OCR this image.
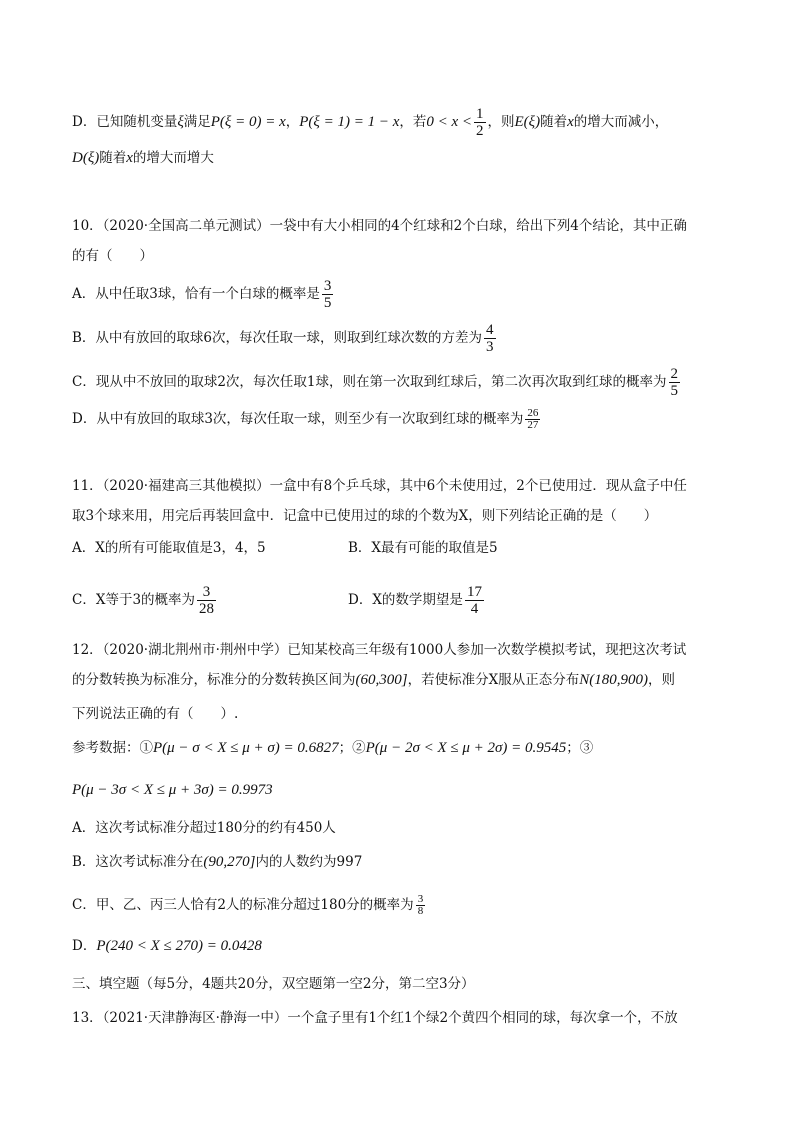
D．已知随机变量ξ满足P(ξ = 0) = x，P(ξ = 1) = 1 − x，若$0 < x < \frac{1}{2}$ ，则E(ξ)随着x的增大而减小，
D(ξ)随着x的增大而增大
10．（2020·全国高二单元测试）一袋中有大小相同的4个红球和2个白球，给出下列4个结论，其中正确
的有（　　）
A．从中任取3球，恰有一个白球的概率是 $\frac{3}{5}$
B．从中有放回的取球6次，每次任取一球，则取到红球次数的方差为 $\frac{4}{3}$
C．现从中不放回的取球2次，每次任取1球，则在第一次取到红球后，第二次再次取到红球的概率为 $\frac{2}{5}$
D．从中有放回的取球3次，每次任取一球，则至少有一次取到红球的概率为 $\frac{26}{27}$
11．（2020·福建高三其他模拟）一盒中有8个乒乓球，其中6个未使用过，2个已使用过．现从盒子中任
取3个球来用，用完后再装回盒中．记盒中已使用过的球的个数为X，则下列结论正确的是（　　）
A．X的所有可能取值是3，4，5	B．X最有可能的取值是5
C．X等于3的概率为 $\frac{3}{28}$	D．X的数学期望是 $\frac{17}{4}$
12．（2020·湖北荆州市·荆州中学）已知某校高三年级有1000人参加一次数学模拟考试，现把这次考试
的分数转换为标准分，标准分的分数转换区间为(60,300]，若使标准分X服从正态分布N(180,900)，则
下列说法正确的有（　　）.
参考数据：①P(μ − σ < X ≤ μ + σ) = 0.6827；②P(μ − 2σ < X ≤ μ + 2σ) = 0.9545；③
P(μ − 3σ < X ≤ μ + 3σ) = 0.9973
A．这次考试标准分超过180分的约有450人
B．这次考试标准分在(90,270]内的人数约为997
C．甲、乙、丙三人恰有2人的标准分超过180分的概率为 $\frac{3}{8}$
D．P(240 < X ≤ 270) = 0.0428
三、填空题（每5分，4题共20分，双空题第一空2分，第二空3分）
13．（2021·天津静海区·静海一中）一个盒子里有1个红1个绿2个黄四个相同的球，每次拿一个，不放
